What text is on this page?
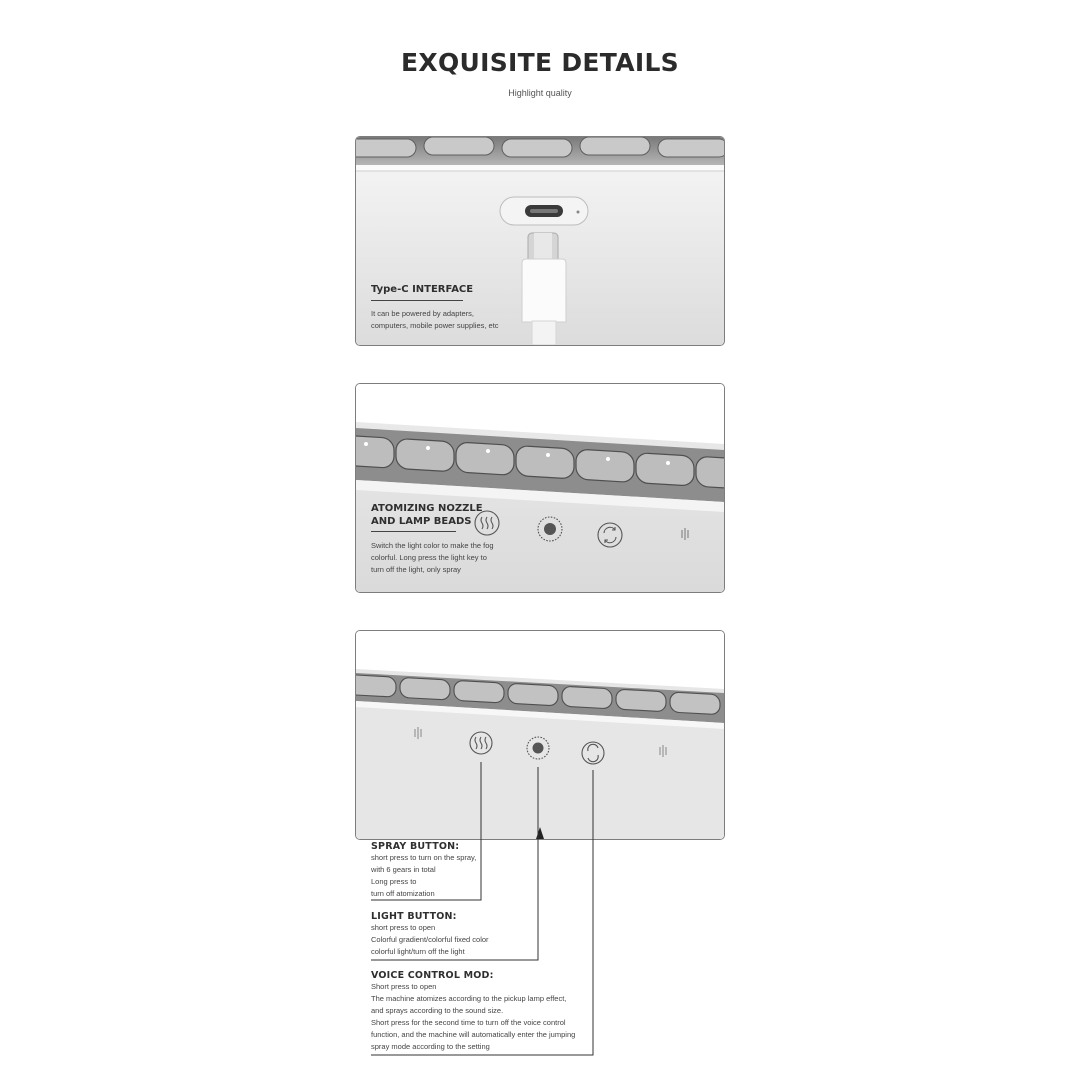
EXQUISITE DETAILS
Highlight quality
Type-C INTERFACE
It can be powered by adapters,
computers, mobile power supplies, etc
ATOMIZING NOZZLE
AND LAMP BEADS
Switch the light color to make the fog
colorful. Long press the light key to
turn off the light, only spray
SPRAY BUTTON:
short press to turn on the spray,
with 6 gears in total
Long press to
turn off atomization
LIGHT BUTTON:
short press to open
Colorful gradient/colorful fixed color
colorful light/turn off the light
VOICE CONTROL MOD:
Short press to open
The machine atomizes according to the pickup lamp effect,
and sprays according to the sound size.
Short press for the second time to turn off the voice control
function, and the machine will automatically enter the jumping
spray mode according to the setting
